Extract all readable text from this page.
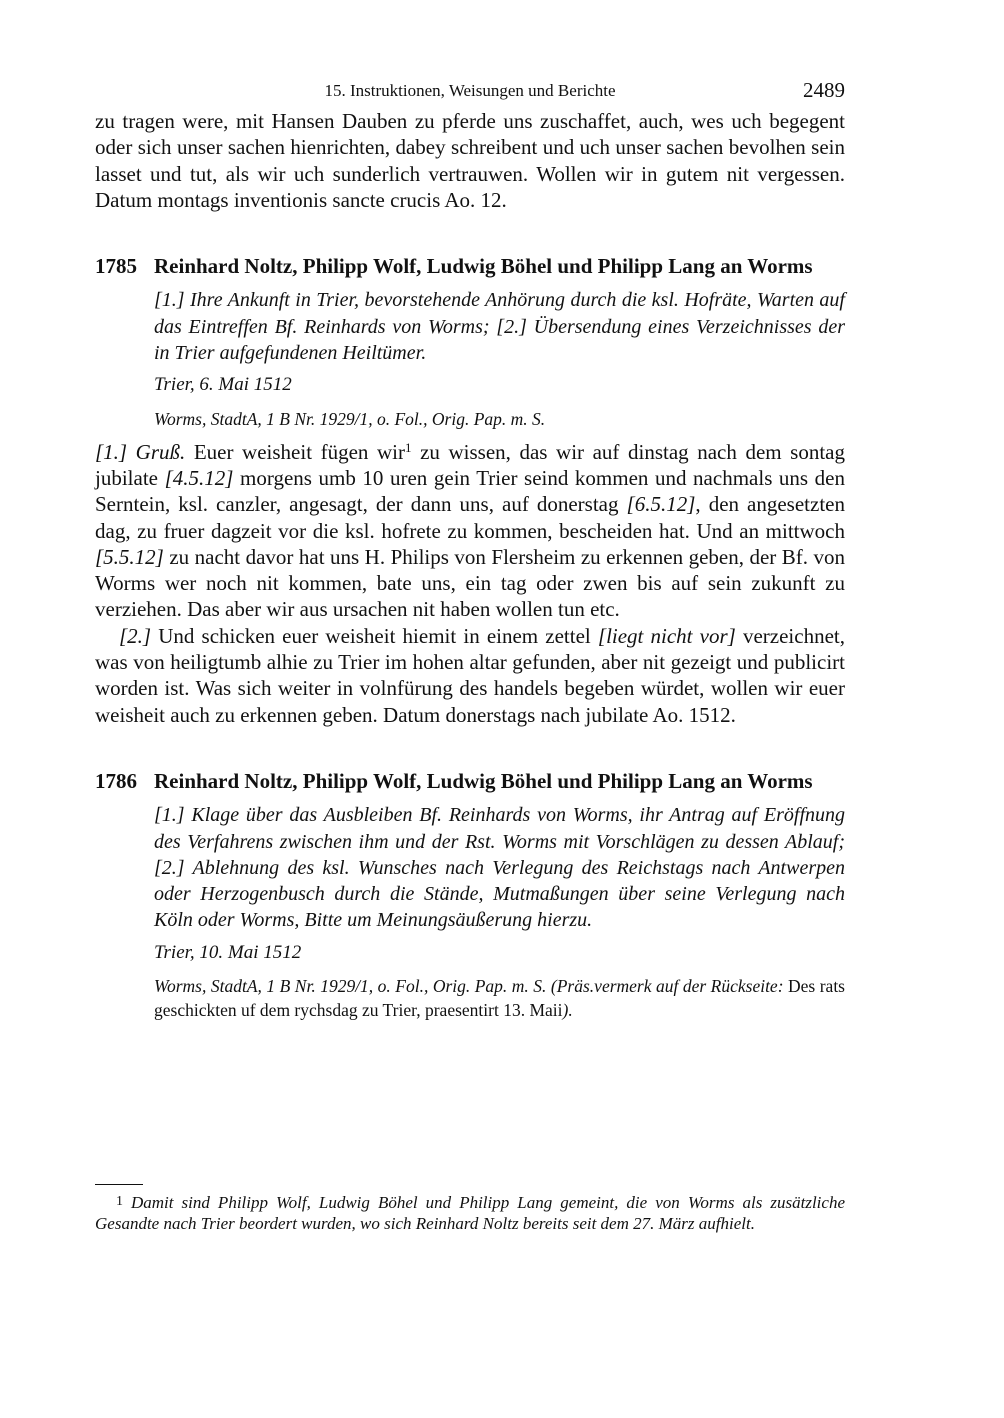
15. Instruktionen, Weisungen und Berichte	2489

zu tragen were, mit Hansen Dauben zu pferde uns zuschaffet, auch, wes uch begegent oder sich unser sachen hienrichten, dabey schreibent und uch unser sachen bevolhen sein lasset und tut, als wir uch sunderlich vertrauwen. Wollen wir in gutem nit vergessen. Datum montags inventionis sancte crucis Ao. 12.

1785 Reinhard Noltz, Philipp Wolf, Ludwig Böhel und Philipp Lang an Worms
[1.] Ihre Ankunft in Trier, bevorstehende Anhörung durch die ksl. Hofräte, Warten auf das Eintreffen Bf. Reinhards von Worms; [2.] Übersendung eines Verzeichnisses der in Trier aufgefundenen Heiltümer.
Trier, 6. Mai 1512
Worms, StadtA, 1 B Nr. 1929/1, o. Fol., Orig. Pap. m. S.

[1.] Gruß. Euer weisheit fügen wir$^1$ zu wissen, das wir auf dinstag nach dem sontag jubilate [4.5.12] morgens umb 10 uren gein Trier seind kommen und nachmals uns den Serntein, ksl. canzler, angesagt, der dann uns, auf donerstag [6.5.12], den angesetzten dag, zu fruer dagzeit vor die ksl. hofrete zu kommen, bescheiden hat. Und an mittwoch [5.5.12] zu nacht davor hat uns H. Philips von Flersheim zu erkennen geben, der Bf. von Worms wer noch nit kommen, bate uns, ein tag oder zwen bis auf sein zukunft zu verziehen. Das aber wir aus ursachen nit haben wollen tun etc.

[2.] Und schicken euer weisheit hiemit in einem zettel [liegt nicht vor] verzeichnet, was von heiligtumb alhie zu Trier im hohen altar gefunden, aber nit gezeigt und publicirt worden ist. Was sich weiter in volnfürung des handels begeben würdet, wollen wir euer weisheit auch zu erkennen geben. Datum donerstags nach jubilate Ao. 1512.

1786 Reinhard Noltz, Philipp Wolf, Ludwig Böhel und Philipp Lang an Worms
[1.] Klage über das Ausbleiben Bf. Reinhards von Worms, ihr Antrag auf Eröffnung des Verfahrens zwischen ihm und der Rst. Worms mit Vorschlägen zu dessen Ablauf; [2.] Ablehnung des ksl. Wunsches nach Verlegung des Reichstags nach Antwerpen oder Herzogenbusch durch die Stände, Mutmaßungen über seine Verlegung nach Köln oder Worms, Bitte um Meinungsäußerung hierzu.
Trier, 10. Mai 1512
Worms, StadtA, 1 B Nr. 1929/1, o. Fol., Orig. Pap. m. S. (Präs.vermerk auf der Rückseite: Des rats geschickten uf dem rychsdag zu Trier, praesentirt 13. Maii).
1 Damit sind Philipp Wolf, Ludwig Böhel und Philipp Lang gemeint, die von Worms als zusätzliche Gesandte nach Trier beordert wurden, wo sich Reinhard Noltz bereits seit dem 27. März aufhielt.
